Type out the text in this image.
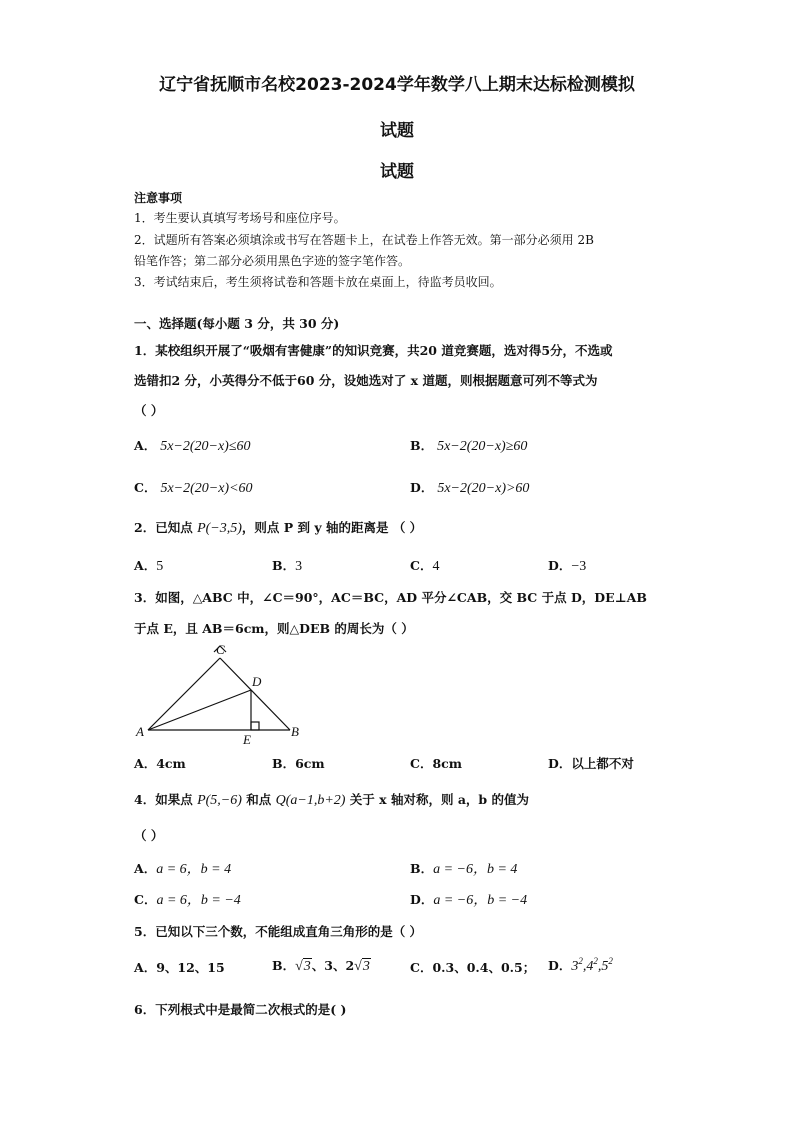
辽宁省抚顺市名校2023-2024学年数学八上期末达标检测模拟
试题
试题
注意事项
1．考生要认真填写考场号和座位序号。
2．试题所有答案必须填涂或书写在答题卡上，在试卷上作答无效。第一部分必须用 2B
铅笔作答；第二部分必须用黑色字迹的签字笔作答。
3．考试结束后，考生须将试卷和答题卡放在桌面上，待监考员收回。
一、选择题(每小题 3 分，共 30 分)
1．某校组织开展了“吸烟有害健康”的知识竞赛，共20 道竞赛题，选对得5分，不选或
选错扣2 分，小英得分不低于60 分，设她选对了 x 道题，则根据题意可列不等式为
（ ）
A． 5x−2(20−x)≤60	B． 5x−2(20−x)≥60
C． 5x−2(20−x)<60	D． 5x−2(20−x)>60
2．已知点 P(−3,5)，则点 P 到 y 轴的距离是 （ ）
A．5	B．3	C．4	D．−3
3．如图，△ABC 中，∠C＝90°，AC＝BC，AD 平分∠CAB，交 BC 于点 D，DE⊥AB
于点 E，且 AB＝6cm，则△DEB 的周长为（ ）
C
D
A
E
B
A．4cm	B．6cm	C．8cm	D．以上都不对
4．如果点 P(5,−6) 和点 Q(a−1,b+2) 关于 x 轴对称，则 a，b 的值为
（ ）
A．a = 6，b = 4	B．a = −6，b = 4
C．a = 6，b = −4	D．a = −6，b = −4
5．已知以下三个数，不能组成直角三角形的是（ ）
A．9、12、15	B．√3、3、2√3	C．0.3、0.4、0.5； D．$3^2,4^2,5^2$
6．下列根式中是最简二次根式的是( )
